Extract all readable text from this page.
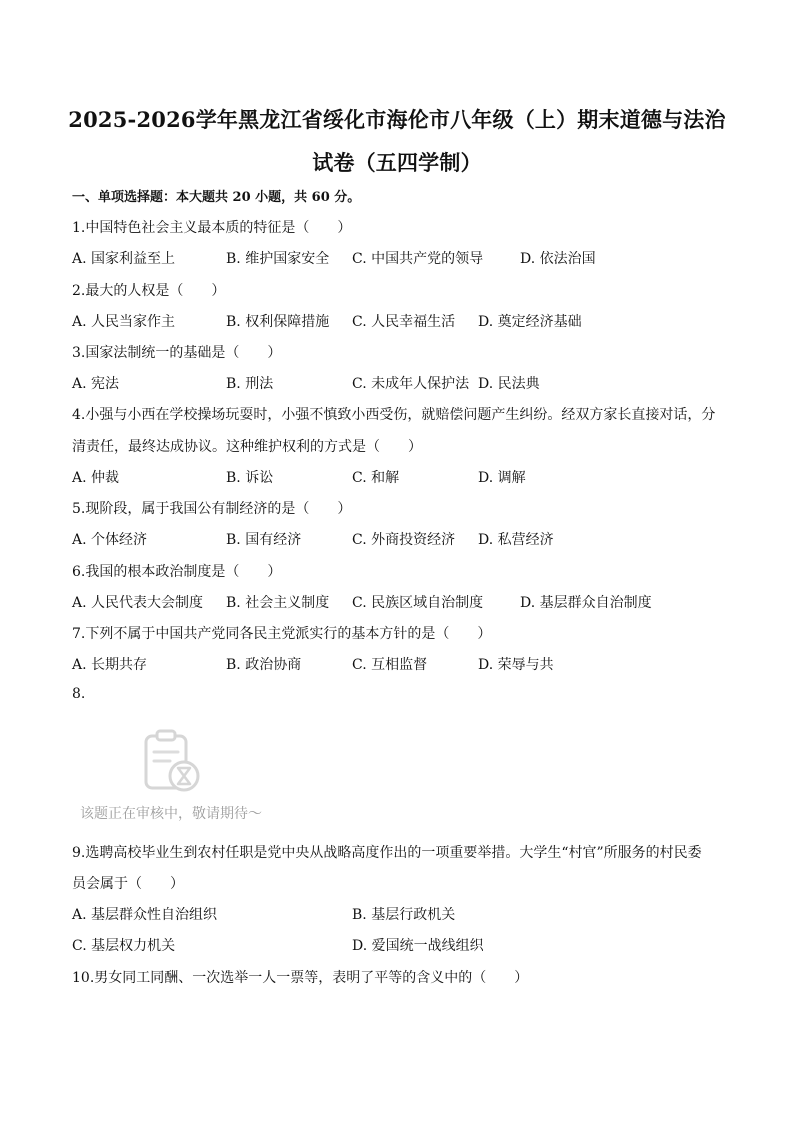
2025-2026学年黑龙江省绥化市海伦市八年级（上）期末道德与法治
试卷（五四学制）
一、单项选择题：本大题共 20 小题，共 60 分。
1.中国特色社会主义最本质的特征是（　　）
A. 国家利益至上	B. 维护国家安全 C. 中国共产党的领导	D. 依法治国
2.最大的人权是（　　）
A. 人民当家作主	B. 权利保障措施 C. 人民幸福生活 D. 奠定经济基础
3.国家法制统一的基础是（　　）
A. 宪法	B. 刑法	C. 未成年人保护法 D. 民法典
4.小强与小西在学校操场玩耍时，小强不慎致小西受伤，就赔偿问题产生纠纷。经双方家长直接对话，分
清责任，最终达成协议。这种维护权利的方式是（　　）
A. 仲裁	B. 诉讼	C. 和解	D. 调解
5.现阶段，属于我国公有制经济的是（　　）
A. 个体经济	B. 国有经济	C. 外商投资经济 D. 私营经济
6.我国的根本政治制度是（　　）
A. 人民代表大会制度 B. 社会主义制度 C. 民族区域自治制度	D. 基层群众自治制度
7.下列不属于中国共产党同各民主党派实行的基本方针的是（　　）
A. 长期共存	B. 政治协商	C. 互相监督	D. 荣辱与共
8.
该题正在审核中，敬请期待～
9.选聘高校毕业生到农村任职是党中央从战略高度作出的一项重要举措。大学生“村官”所服务的村民委
员会属于（　　）
A. 基层群众性自治组织	B. 基层行政机关
C. 基层权力机关	D. 爱国统一战线组织
10.男女同工同酬、一次选举一人一票等，表明了平等的含义中的（　　）
